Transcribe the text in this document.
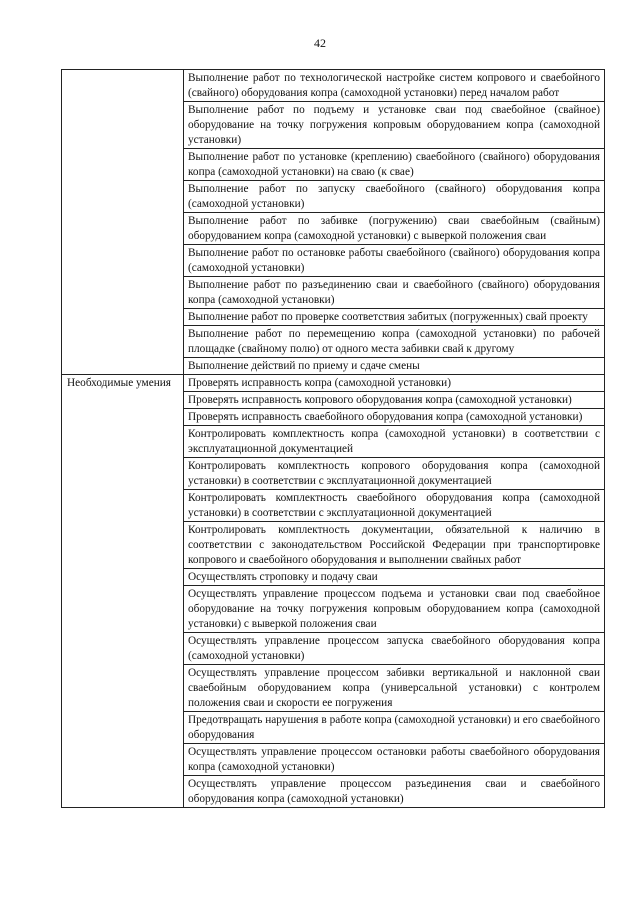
42

	Выполнение работ по технологической настройке систем копрового и сваебойного (свайного) оборудования копра (самоходной установки) перед началом работ

	Выполнение работ по подъему и установке сваи под сваебойное (свайное) оборудование на точку погружения копровым оборудованием копра (самоходной установки)

	Выполнение работ по установке (креплению) сваебойного (свайного) оборудования копра (самоходной установки) на сваю (к свае)

	Выполнение работ по запуску сваебойного (свайного) оборудования копра (самоходной установки)

	Выполнение работ по забивке (погружению) сваи сваебойным (свайным) оборудованием копра (самоходной установки) с выверкой положения сваи

	Выполнение работ по остановке работы сваебойного (свайного) оборудования копра (самоходной установки)

	Выполнение работ по разъединению сваи и сваебойного (свайного) оборудования копра (самоходной установки)

	Выполнение работ по проверке соответствия забитых (погруженных) свай проекту

	Выполнение работ по перемещению копра (самоходной установки) по рабочей площадке (свайному полю) от одного места забивки свай к другому

	Выполнение действий по приему и сдаче смены

Необходимые умения	Проверять исправность копра (самоходной установки)

	Проверять исправность копрового оборудования копра (самоходной установки)

	Проверять исправность сваебойного оборудования копра (самоходной установки)

	Контролировать комплектность копра (самоходной установки) в соответствии с эксплуатационной документацией

	Контролировать комплектность копрового оборудования копра (самоходной установки) в соответствии с эксплуатационной документацией

	Контролировать комплектность сваебойного оборудования копра (самоходной установки) в соответствии с эксплуатационной документацией

	Контролировать комплектность документации, обязательной к наличию в соответствии с законодательством Российской Федерации при транспортировке копрового и сваебойного оборудования и выполнении свайных работ

	Осуществлять строповку и подачу сваи

	Осуществлять управление процессом подъема и установки сваи под сваебойное оборудование на точку погружения копровым оборудованием копра (самоходной установки) с выверкой положения сваи

	Осуществлять управление процессом запуска сваебойного оборудования копра (самоходной установки)

	Осуществлять управление процессом забивки вертикальной и наклонной сваи сваебойным оборудованием копра (универсальной установки) с контролем положения сваи и скорости ее погружения

	Предотвращать нарушения в работе копра (самоходной установки) и его сваебойного оборудования

	Осуществлять управление процессом остановки работы сваебойного оборудования копра (самоходной установки)

	Осуществлять управление процессом разъединения сваи и сваебойного оборудования копра (самоходной установки)
